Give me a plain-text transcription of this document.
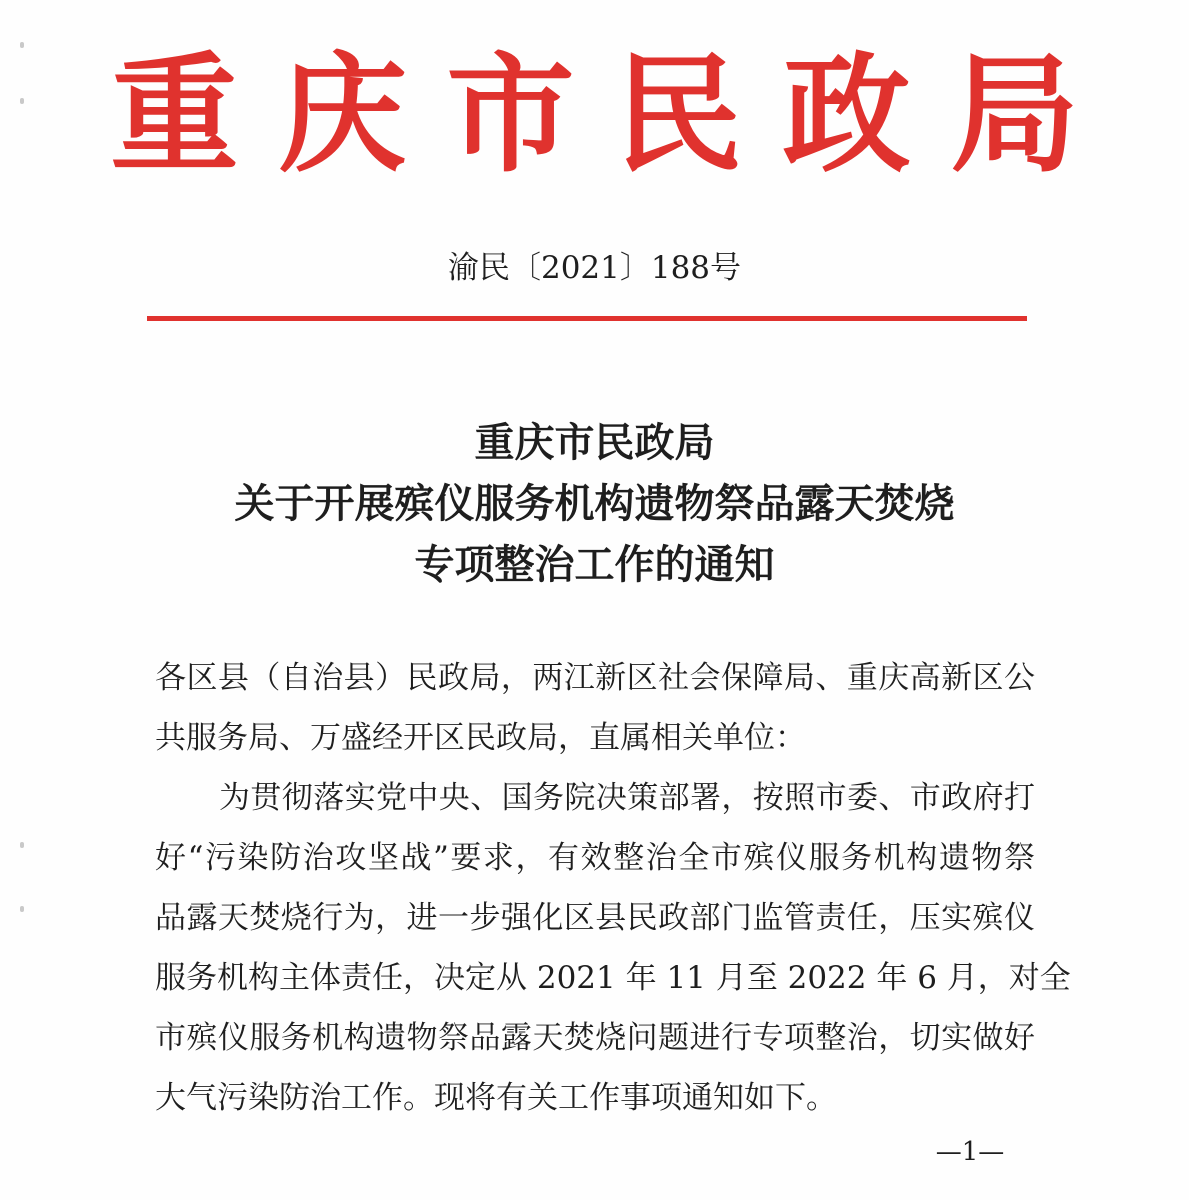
重庆市民政局
渝民〔2021〕188号
重庆市民政局
关于开展殡仪服务机构遗物祭品露天焚烧
专项整治工作的通知
各区县（自治县）民政局，两江新区社会保障局、重庆高新区公
共服务局、万盛经开区民政局，直属相关单位：
为贯彻落实党中央、国务院决策部署，按照市委、市政府打
好“污染防治攻坚战”要求，有效整治全市殡仪服务机构遗物祭
品露天焚烧行为，进一步强化区县民政部门监管责任，压实殡仪
服务机构主体责任，决定从 2021 年 11 月至 2022 年 6 月，对全
市殡仪服务机构遗物祭品露天焚烧问题进行专项整治，切实做好
大气污染防治工作。现将有关工作事项通知如下。
—1—
